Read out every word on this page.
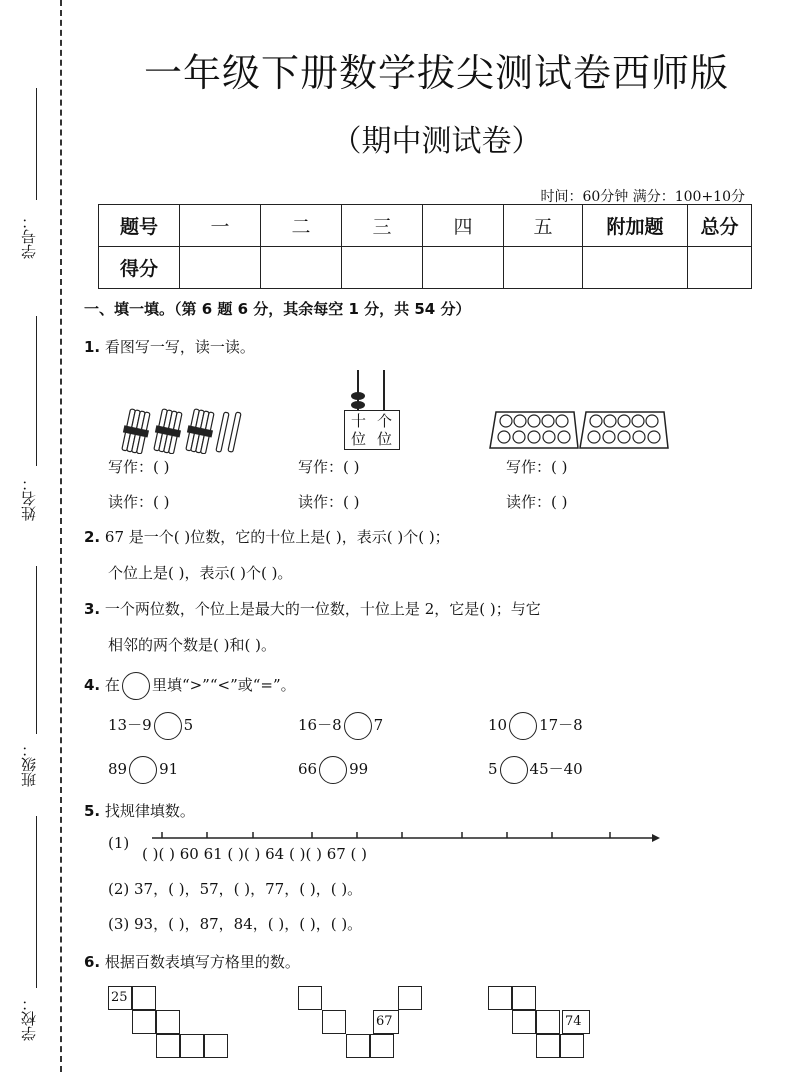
学号：
姓名：
班级：
学校：
一年级下册数学拔尖测试卷西师版
（期中测试卷）
时间：60分钟 满分：100+10分
题号	一	二	三	四	五	附加题	总分
得分							
一、填一填。（第 6 题 6 分，其余每空 1 分，共 54 分）
1. 看图写一写，读一读。
十 个
位 位
写作：( )	写作：( )	写作：( )
读作：( )	读作：( )	读作：( )
2. 67 是一个( )位数，它的十位上是( )，表示( )个( )；
个位上是( )，表示( )个( )。
3. 一个两位数，个位上是最大的一位数，十位上是 2，它是( )；与它
相邻的两个数是( )和( )。
4. 在 里填“>”“<”或“=”。
13－9 5	16－8 7	10 17－8
89 91	66 99	5 45－40
5. 找规律填数。
(1)
( )( ) 60 61 ( )( ) 64 ( )( ) 67 ( )
(2) 37，( )，57，( )，77，( )，( )。
(3) 93，( )，87，84，( )，( )，( )。
6. 根据百数表填写方格里的数。
25
67	74
